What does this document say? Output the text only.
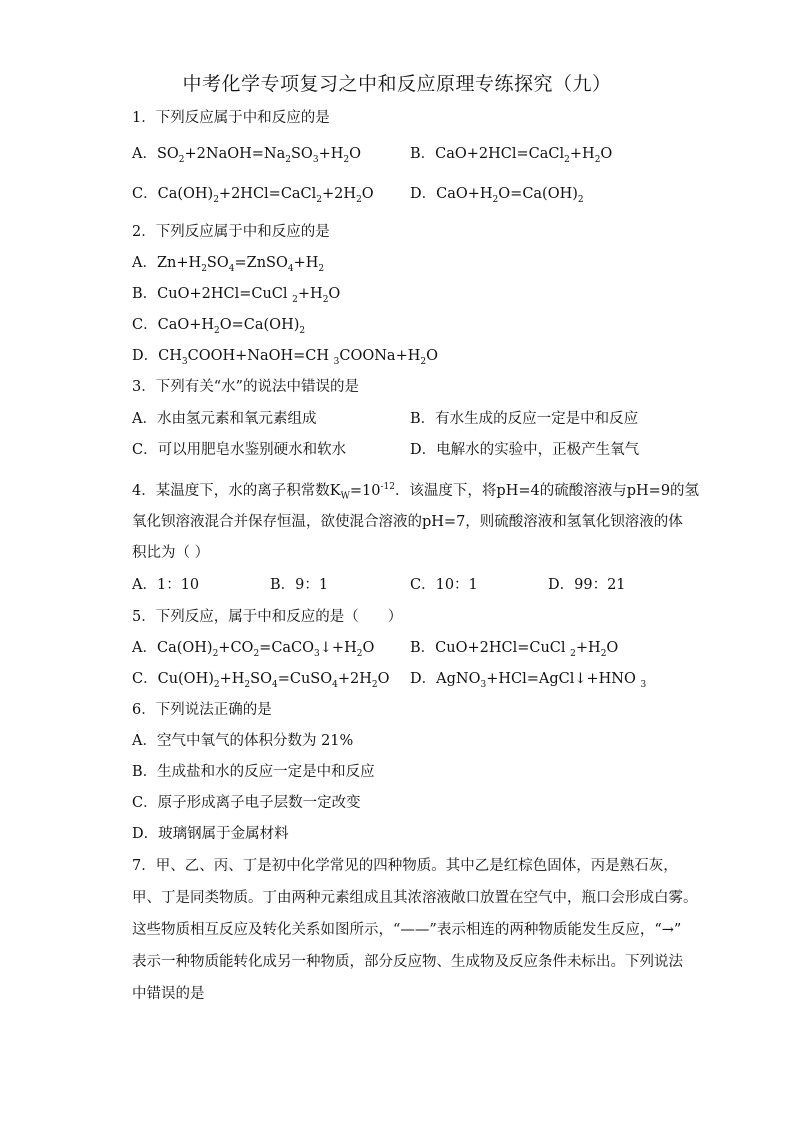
中考化学专项复习之中和反应原理专练探究（九）
1．下列反应属于中和反应的是
A．$SO_2+2NaOH=Na_2SO_3+H_2O$	B．$CaO+2HCl=CaCl_2+H_2O$
C．$Ca(OH)_2+2HCl=CaCl_2+2H_2O$	D．$CaO+H_2O=Ca(OH)_2$
2．下列反应属于中和反应的是
A．$Zn+H_2SO_4=ZnSO_4+H_2$
B．CuO+2HCl=CuCl $_2+H_2O$
C．$CaO+H_2O=Ca(OH)_2$
D．$CH_3COOH+NaOH=CH$ $_3COONa+H_2O$
3．下列有关“水”的说法中错误的是
A．水由氢元素和氧元素组成	B．有水生成的反应一定是中和反应
C．可以用肥皂水鉴别硬水和软水	D．电解水的实验中，正极产生氧气
4．某温度下，水的离子积常数$K_W=10^{-12}$．该温度下，将pH=4的硫酸溶液与pH=9的氢
氧化钡溶液混合并保存恒温，欲使混合溶液的pH=7，则硫酸溶液和氢氧化钡溶液的体
积比为（ ）
A．1：10	B．9：1	C．10：1	D．99：21
5．下列反应，属于中和反应的是（　　）
A．$Ca(OH)_2+CO_2=CaCO_3↓+H_2O$ B．CuO+2HCl=CuCl $_2+H_2O$
C．$Cu(OH)_2+H_2SO_4=CuSO_4+2H_2O$ D．AgNO$_3$+HCl=AgCl↓+HNO $_3$
6．下列说法正确的是
A．空气中氧气的体积分数为 21%
B．生成盐和水的反应一定是中和反应
C．原子形成离子电子层数一定改变
D．玻璃钢属于金属材料
7．甲、乙、丙、丁是初中化学常见的四种物质。其中乙是红棕色固体，丙是熟石灰，
甲、丁是同类物质。丁由两种元素组成且其浓溶液敞口放置在空气中，瓶口会形成白雾。
这些物质相互反应及转化关系如图所示，“——”表示相连的两种物质能发生反应，“→”
表示一种物质能转化成另一种物质，部分反应物、生成物及反应条件未标出。下列说法
中错误的是
